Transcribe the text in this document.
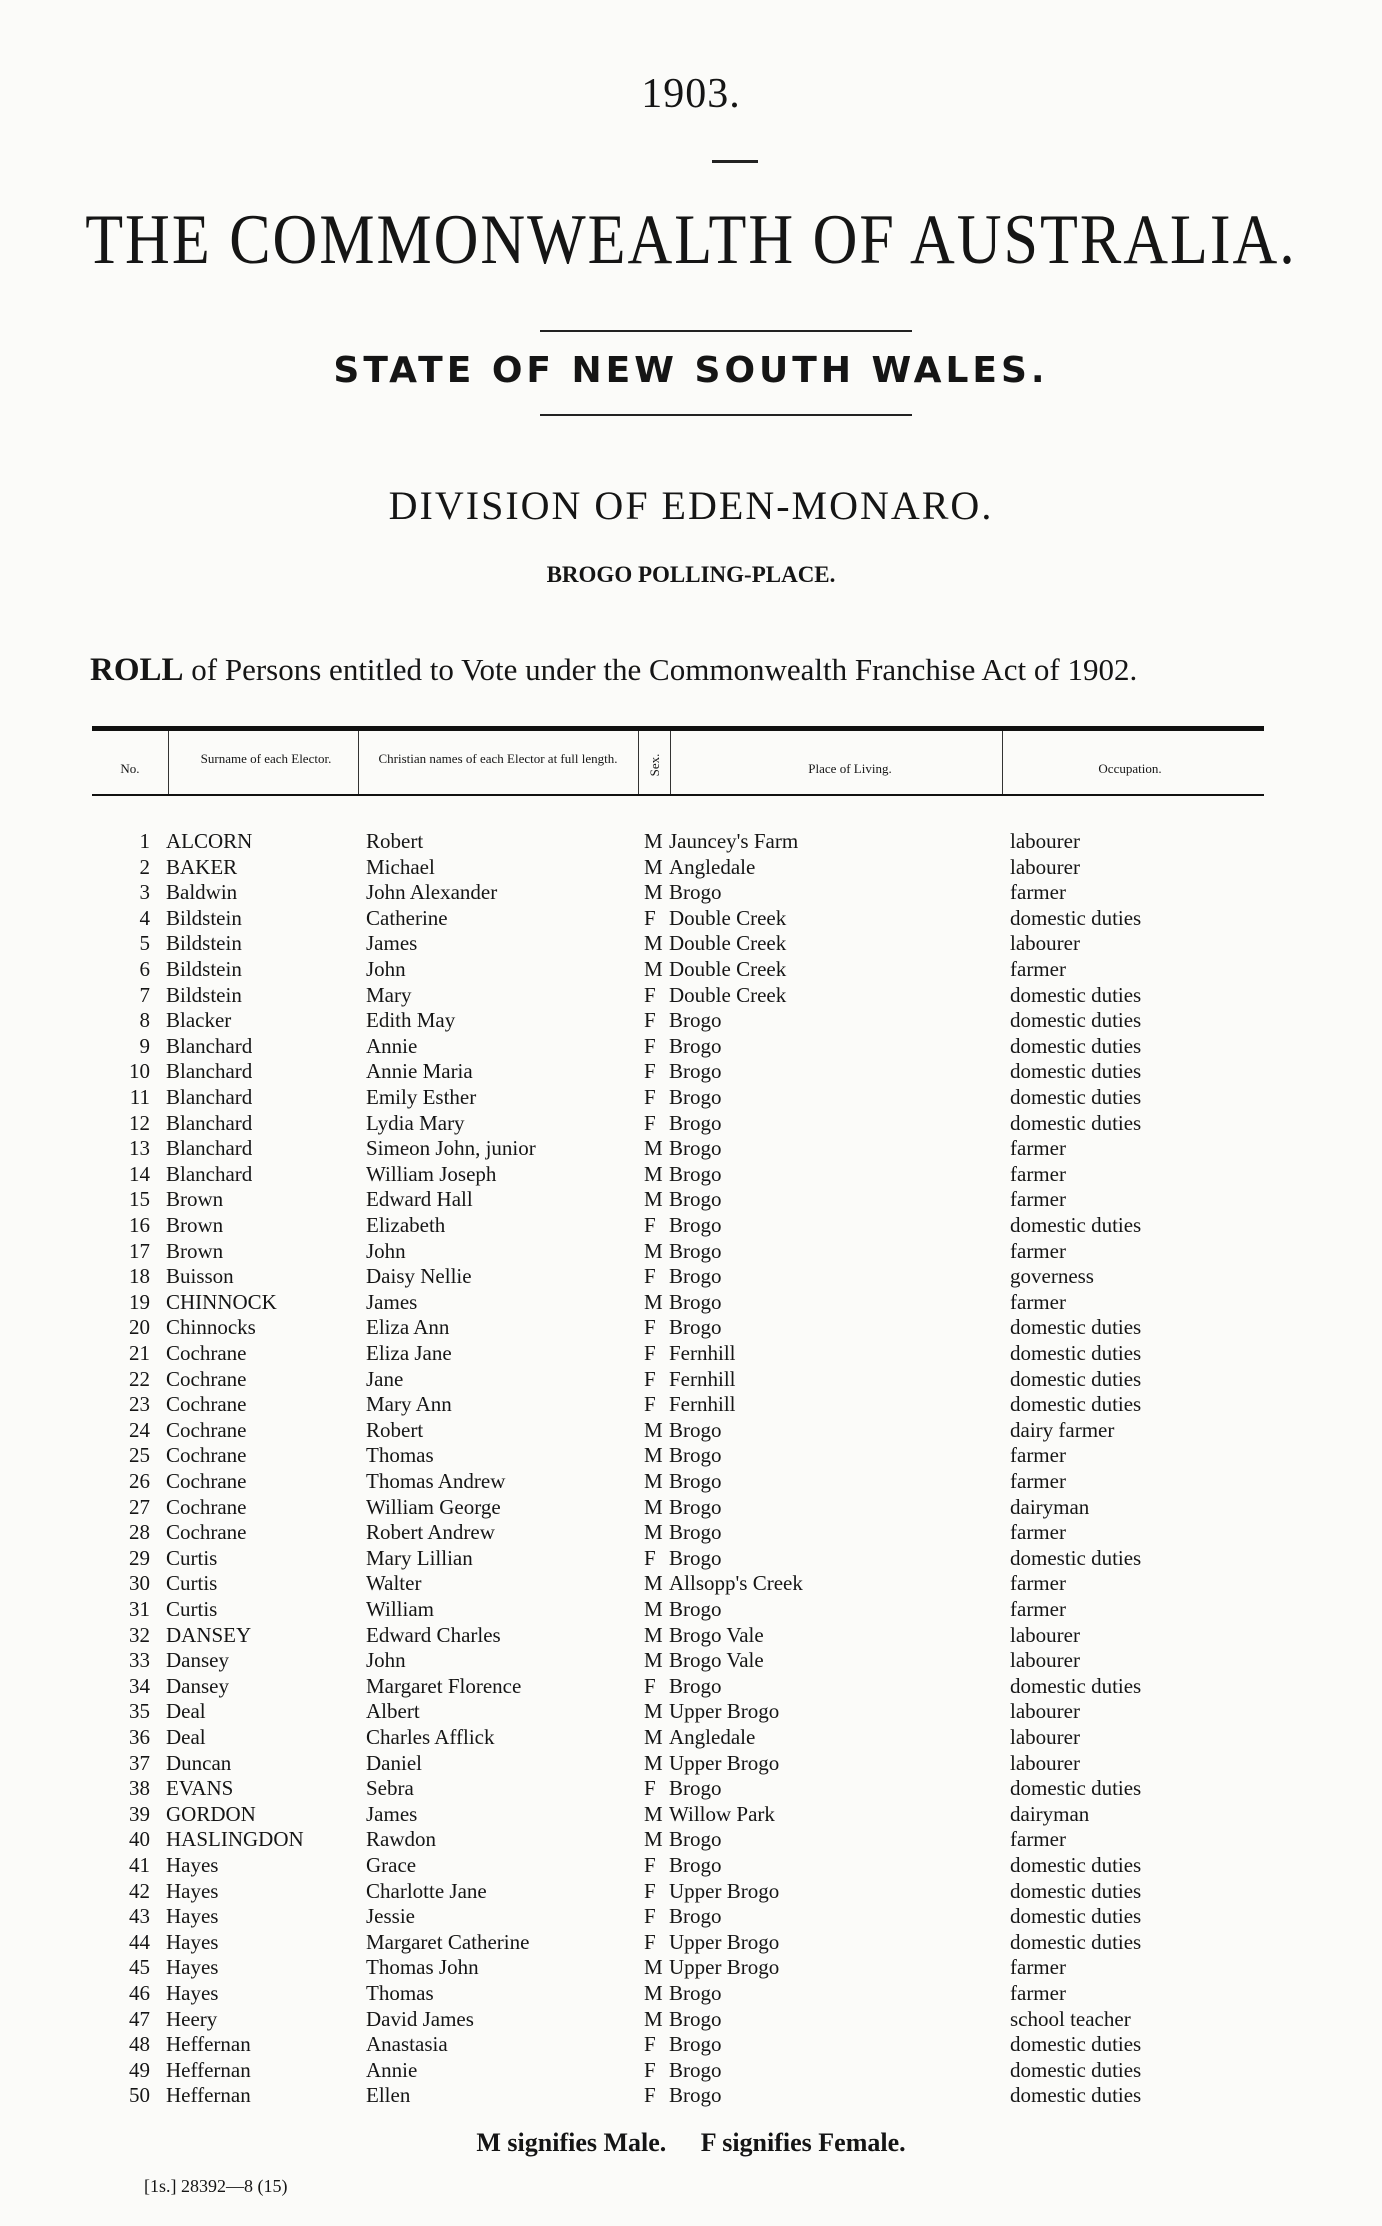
1903.
THE COMMONWEALTH OF AUSTRALIA.
STATE OF NEW SOUTH WALES.
DIVISION OF EDEN-MONARO.
BROGO POLLING-PLACE.
ROLL of Persons entitled to Vote under the Commonwealth Franchise Act of 1902.
No.
Surname of each Elector.	Christian names of each Elector at full length.	Sex.	Place of Living.	Occupation.
1 ALCORN	Robert	M Jauncey's Farm	labourer
2 BAKER	Michael	M Angledale	labourer
3 Baldwin	John Alexander	M Brogo	farmer
4 Bildstein	Catherine	F Double Creek	domestic duties
5 Bildstein	James	M Double Creek	labourer
6 Bildstein	John	M Double Creek	farmer
7 Bildstein	Mary	F Double Creek	domestic duties
8 Blacker	Edith May	F Brogo	domestic duties
9 Blanchard	Annie	F Brogo	domestic duties
10 Blanchard	Annie Maria	F Brogo	domestic duties
11 Blanchard	Emily Esther	F Brogo	domestic duties
12 Blanchard	Lydia Mary	F Brogo	domestic duties
13 Blanchard	Simeon John, junior	M Brogo	farmer
14 Blanchard	William Joseph	M Brogo	farmer
15 Brown	Edward Hall	M Brogo	farmer
16 Brown	Elizabeth	F Brogo	domestic duties
17 Brown	John	M Brogo	farmer
18 Buisson	Daisy Nellie	F Brogo	governess
19 CHINNOCK	James	M Brogo	farmer
20 Chinnocks	Eliza Ann	F Brogo	domestic duties
21 Cochrane	Eliza Jane	F Fernhill	domestic duties
22 Cochrane	Jane	F Fernhill	domestic duties
23 Cochrane	Mary Ann	F Fernhill	domestic duties
24 Cochrane	Robert	M Brogo	dairy farmer
25 Cochrane	Thomas	M Brogo	farmer
26 Cochrane	Thomas Andrew	M Brogo	farmer
27 Cochrane	William George	M Brogo	dairyman
28 Cochrane	Robert Andrew	M Brogo	farmer
29 Curtis	Mary Lillian	F Brogo	domestic duties
30 Curtis	Walter	M Allsopp's Creek	farmer
31 Curtis	William	M Brogo	farmer
32 DANSEY	Edward Charles	M Brogo Vale	labourer
33 Dansey	John	M Brogo Vale	labourer
34 Dansey	Margaret Florence	F Brogo	domestic duties
35 Deal	Albert	M Upper Brogo	labourer
36 Deal	Charles Afflick	M Angledale	labourer
37 Duncan	Daniel	M Upper Brogo	labourer
38 EVANS	Sebra	F Brogo	domestic duties
39 GORDON	James	M Willow Park	dairyman
40 HASLINGDON	Rawdon	M Brogo	farmer
41 Hayes	Grace	F Brogo	domestic duties
42 Hayes	Charlotte Jane	F Upper Brogo	domestic duties
43 Hayes	Jessie	F Brogo	domestic duties
44 Hayes	Margaret Catherine	F Upper Brogo	domestic duties
45 Hayes	Thomas John	M Upper Brogo	farmer
46 Hayes	Thomas	M Brogo	farmer
47 Heery	David James	M Brogo	school teacher
48 Heffernan	Anastasia	F Brogo	domestic duties
49 Heffernan	Annie	F Brogo	domestic duties
50 Heffernan	Ellen	F Brogo	domestic duties
M signifies Male. F signifies Female.
[1s.] 28392—8 (15)
